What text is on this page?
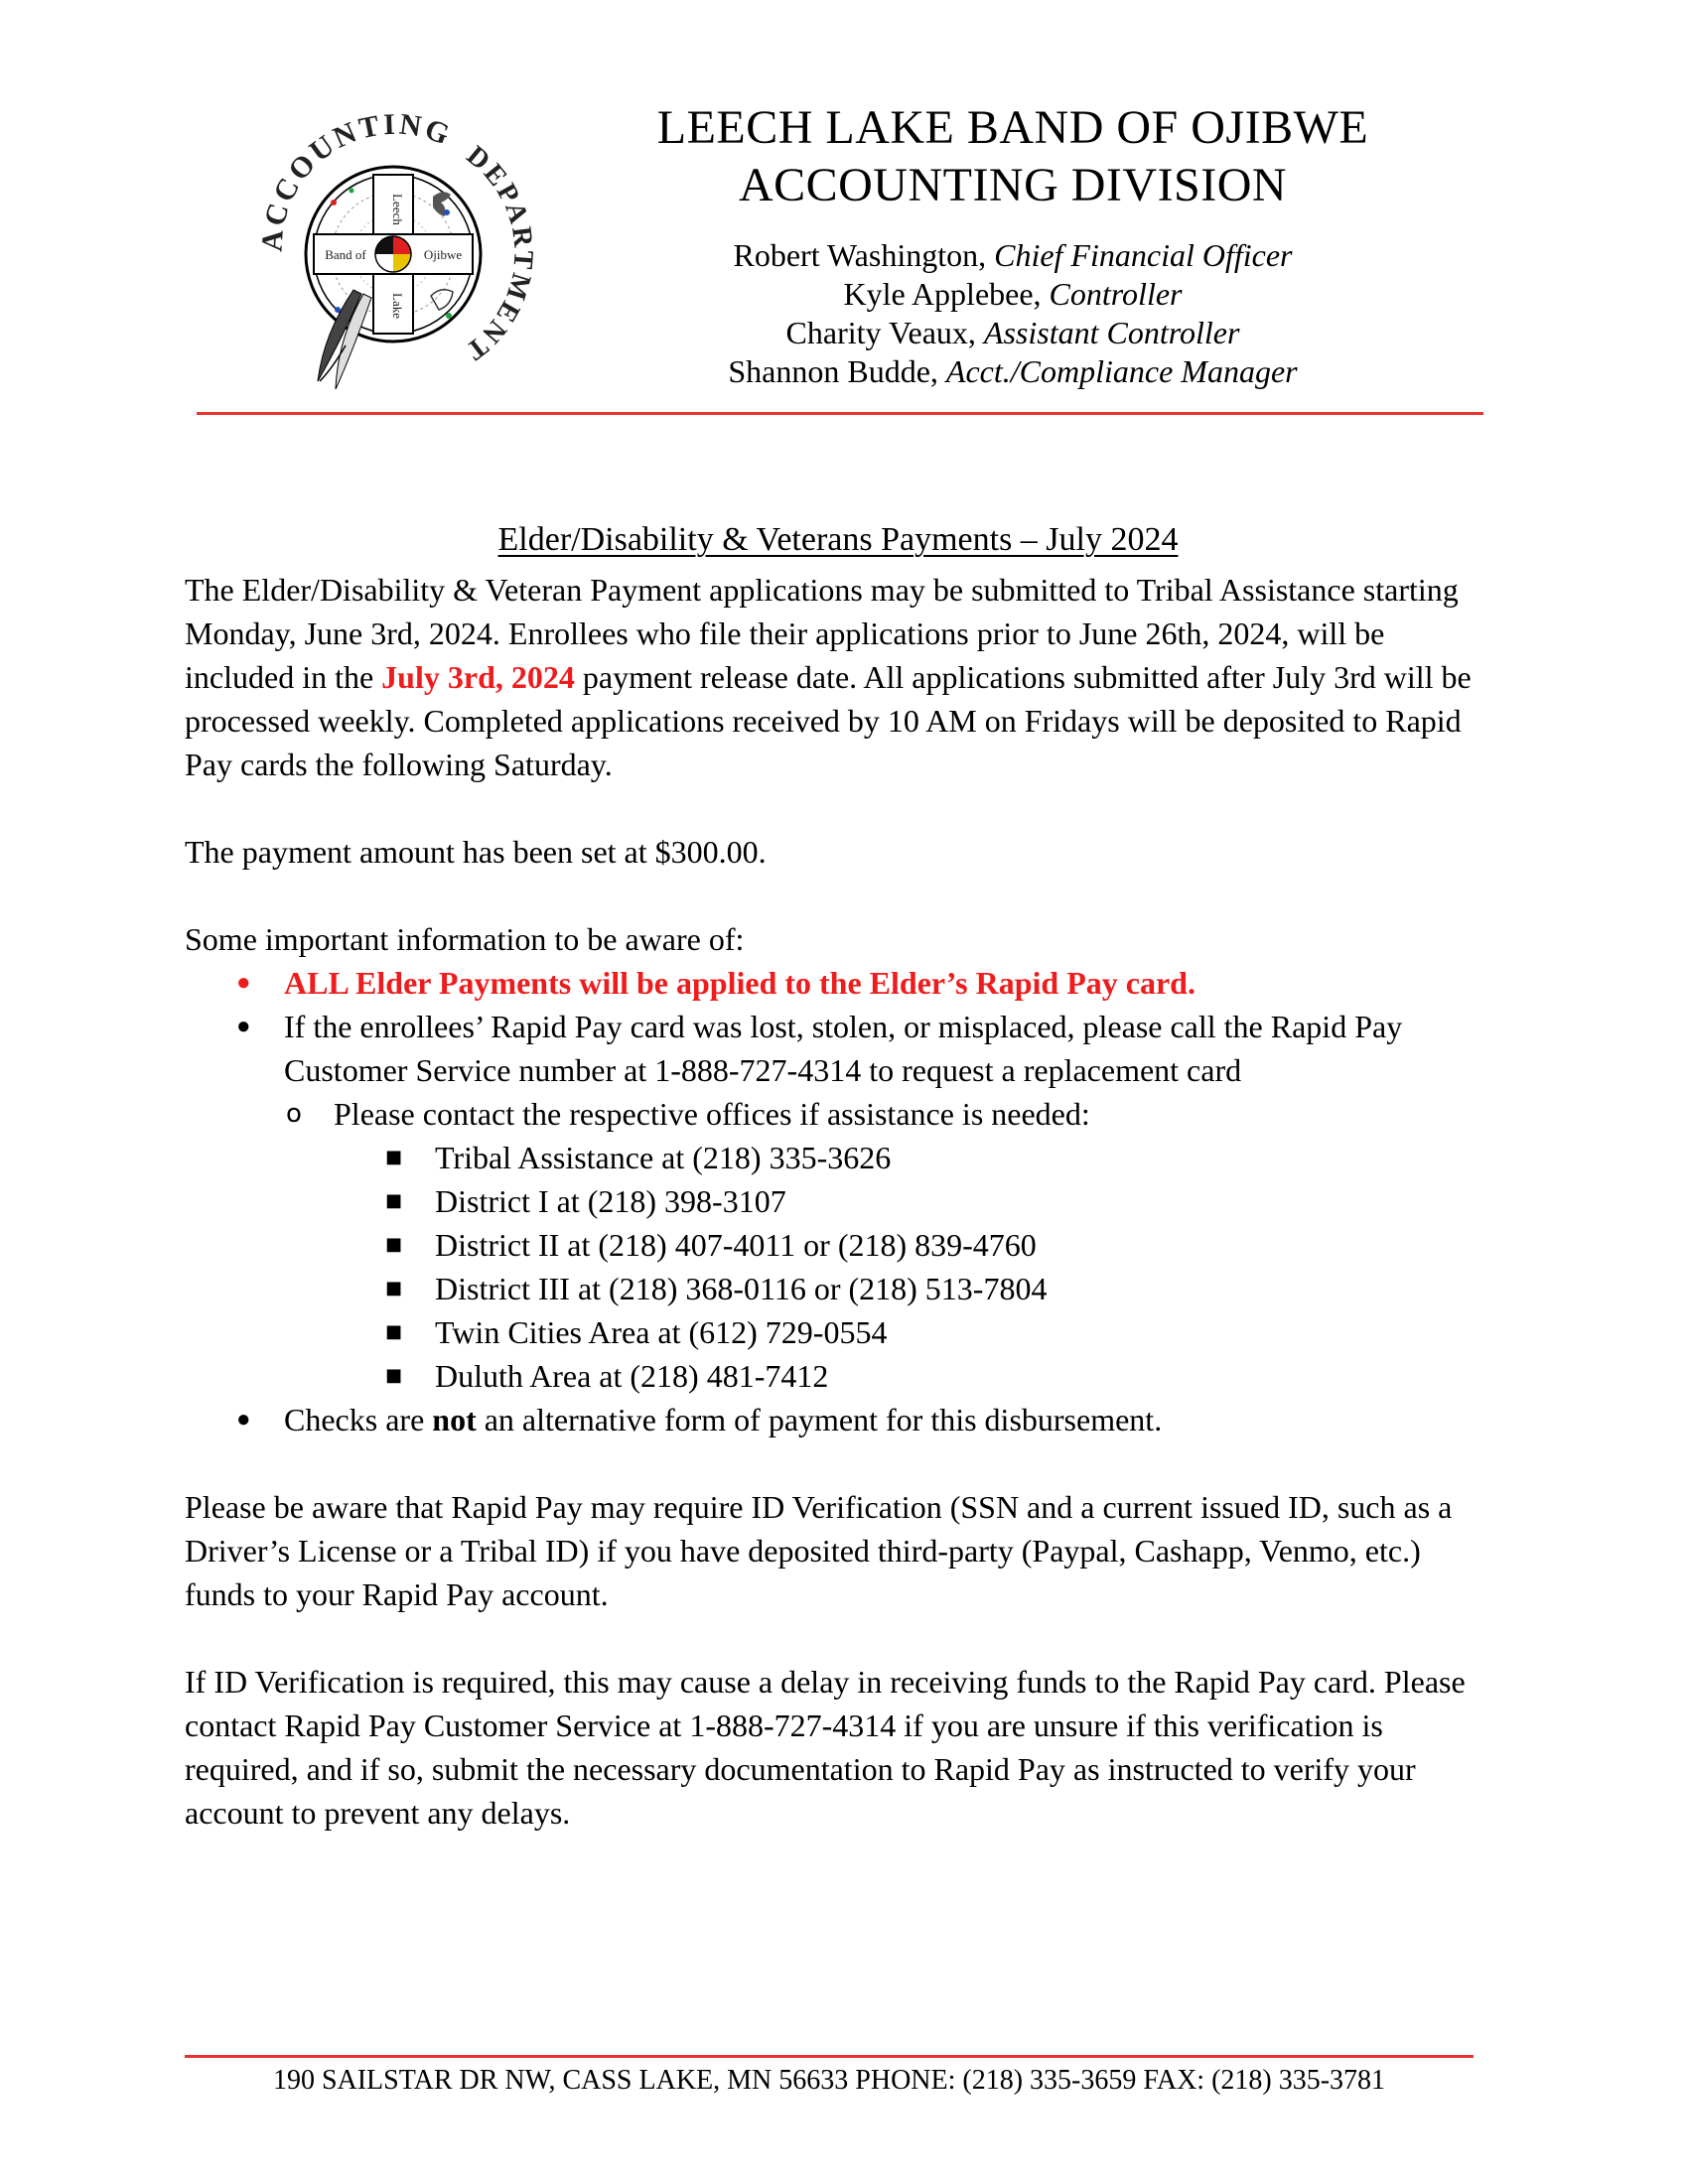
ACCOUNTING
DEPARTMENT
Leech
Lake
Band of	Ojibwe
LEECH LAKE BAND OF OJIBWE
ACCOUNTING DIVISION
Robert Washington, Chief Financial Officer
Kyle Applebee, Controller
Charity Veaux, Assistant Controller
Shannon Budde, Acct./Compliance Manager
Elder/Disability & Veterans Payments – July 2024

The Elder/Disability & Veteran Payment applications may be submitted to Tribal Assistance starting Monday, June 3rd, 2024. Enrollees who file their applications prior to June 26th, 2024, will be included in the July 3rd, 2024 payment release date. All applications submitted after July 3rd will be processed weekly. Completed applications received by 10 AM on Fridays will be deposited to Rapid Pay cards the following Saturday.

The payment amount has been set at $300.00.

Some important information to be aware of:

●	ALL Elder Payments will be applied to the Elder’s Rapid Pay card.
●	If the enrollees’ Rapid Pay card was lost, stolen, or misplaced, please call the Rapid Pay Customer Service number at 1-888-727-4314 to request a replacement card
o Please contact the respective offices if assistance is needed:
■ Tribal Assistance at (218) 335-3626
■ District I at (218) 398-3107
■ District II at (218) 407-4011 or (218) 839-4760
■ District III at (218) 368-0116 or (218) 513-7804
■ Twin Cities Area at (612) 729-0554
■ Duluth Area at (218) 481-7412
●	Checks are not an alternative form of payment for this disbursement.

Please be aware that Rapid Pay may require ID Verification (SSN and a current issued ID, such as a Driver’s License or a Tribal ID) if you have deposited third-party (Paypal, Cashapp, Venmo, etc.) funds to your Rapid Pay account.

If ID Verification is required, this may cause a delay in receiving funds to the Rapid Pay card. Please contact Rapid Pay Customer Service at 1-888-727-4314 if you are unsure if this verification is required, and if so, submit the necessary documentation to Rapid Pay as instructed to verify your account to prevent any delays.

190 SAILSTAR DR NW, CASS LAKE, MN 56633 PHONE: (218) 335-3659 FAX: (218) 335-3781
